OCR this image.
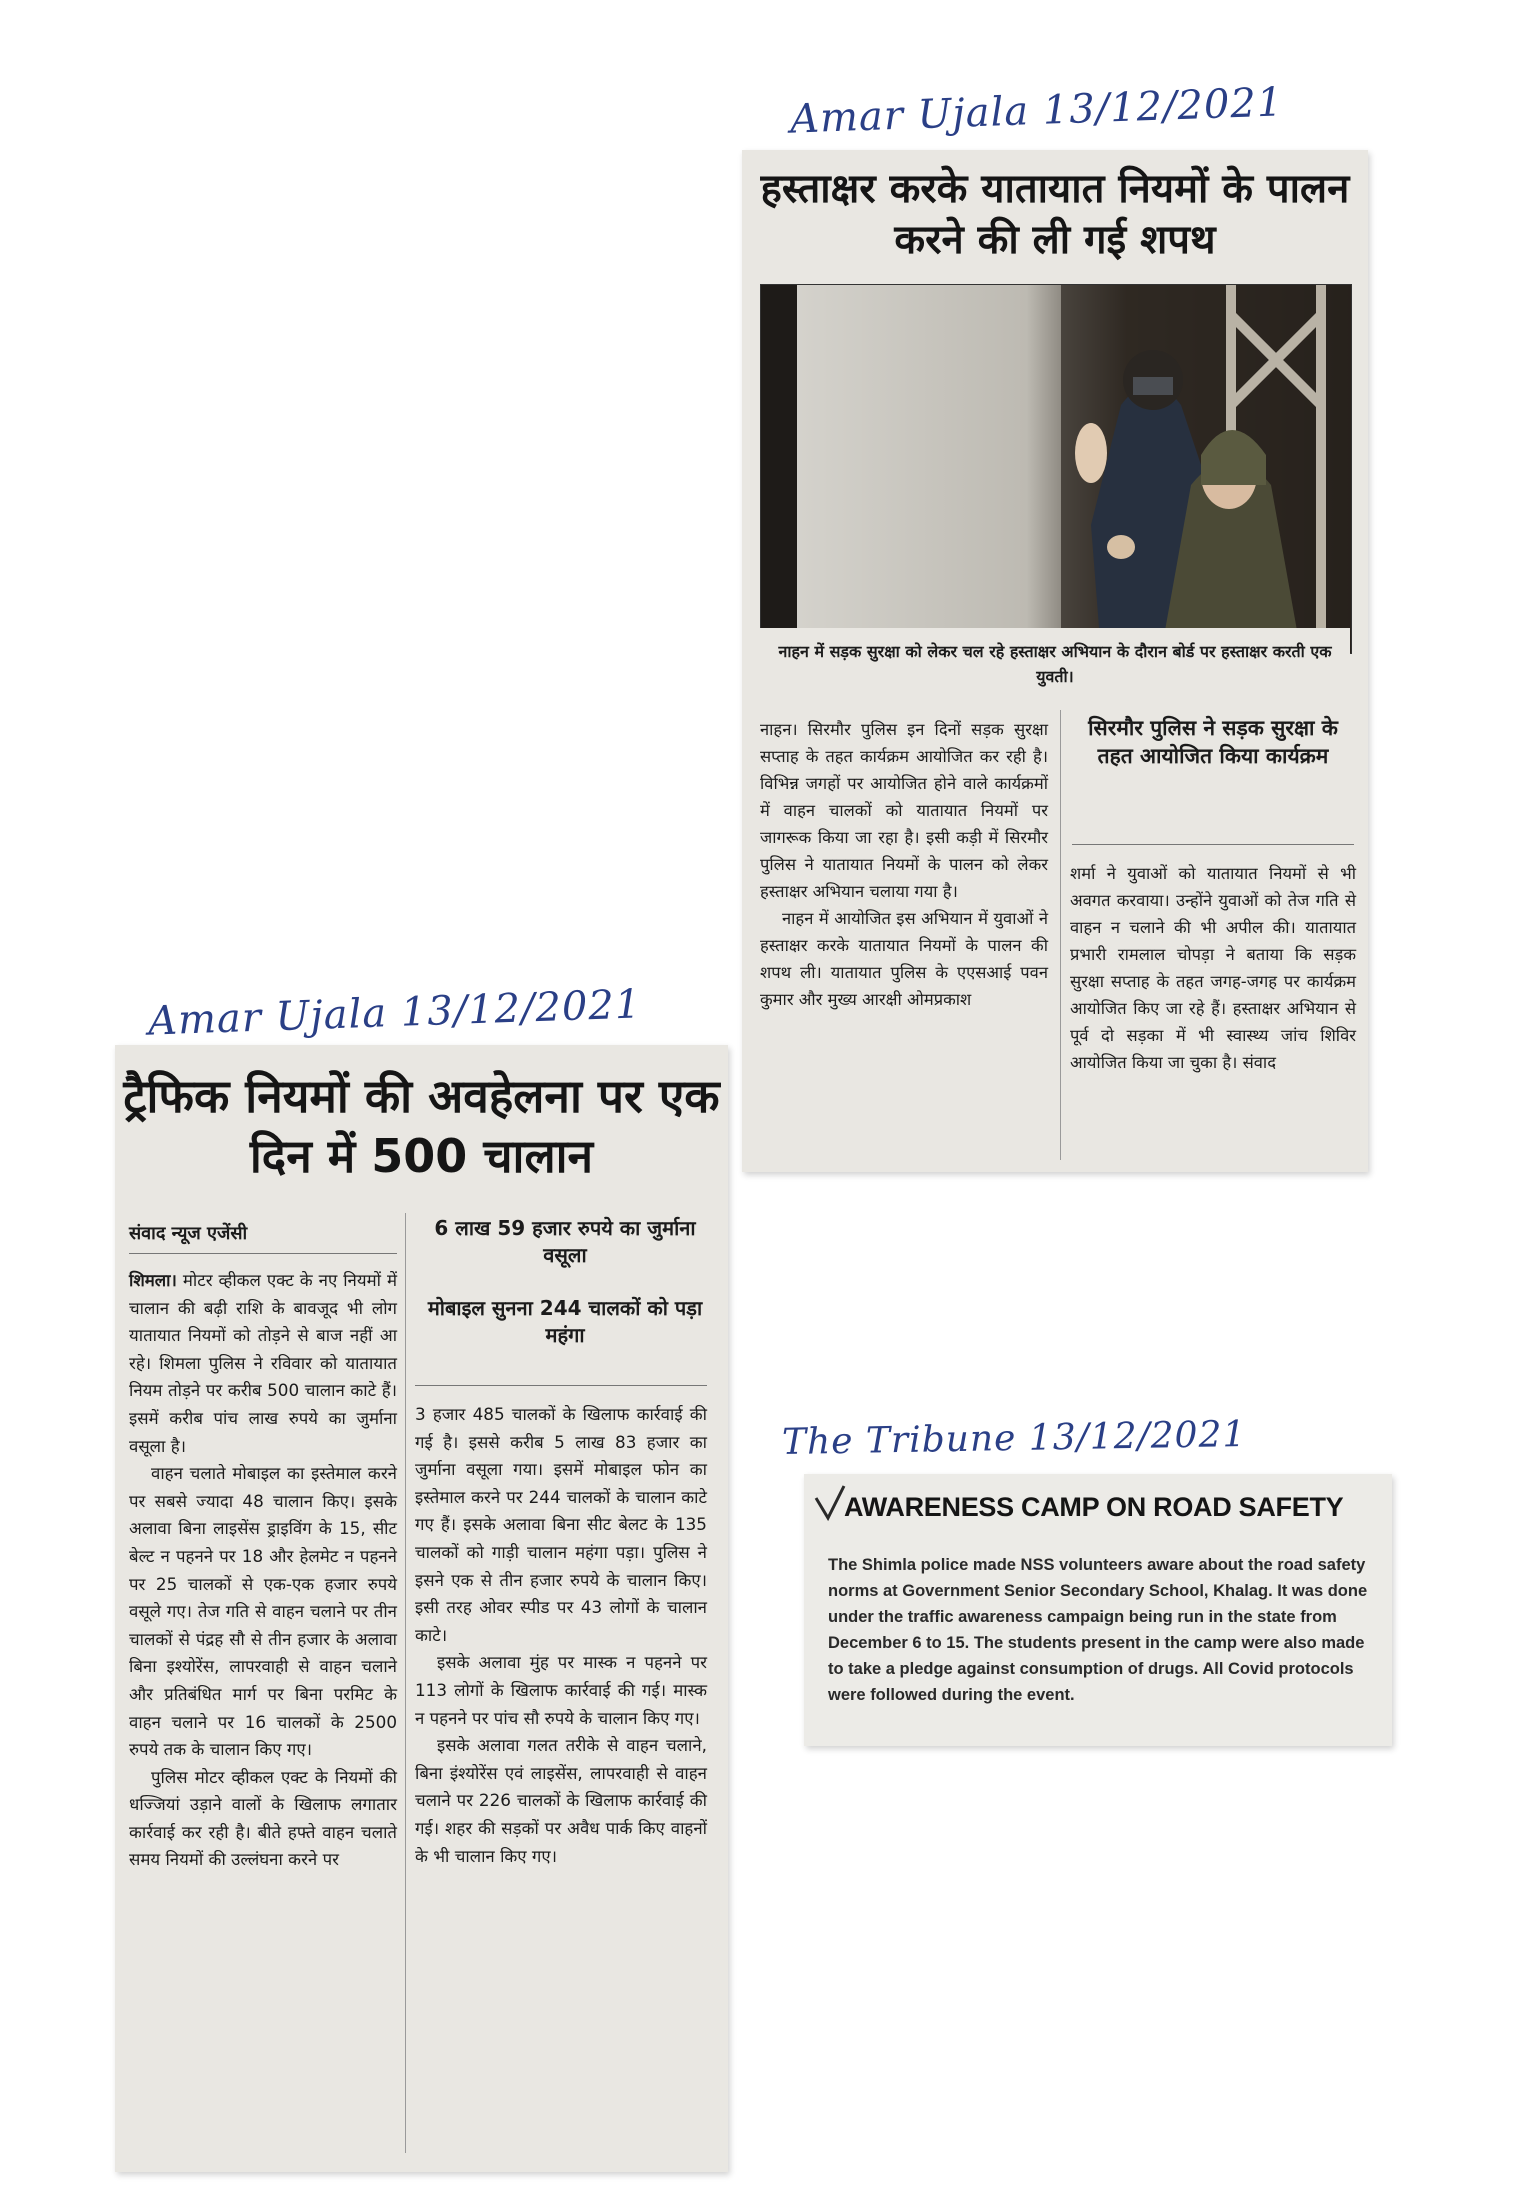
Amar Ujala 13/12/2021
Amar Ujala 13/12/2021
The Tribune 13/12/2021
हस्ताक्षर करके यातायात नियमों के पालन करने की ली गई शपथ
नाहन में सड़क सुरक्षा को लेकर चल रहे हस्ताक्षर अभियान के दौरान बोर्ड पर हस्ताक्षर करती एक युवती।

नाहन। सिरमौर पुलिस इन दिनों सड़क सुरक्षा सप्ताह के तहत कार्यक्रम आयोजित कर रही है। विभिन्न जगहों पर आयोजित होने वाले कार्यक्रमों में वाहन चालकों को यातायात नियमों पर जागरूक किया जा रहा है। इसी कड़ी में सिरमौर पुलिस ने यातायात नियमों के पालन को लेकर हस्ताक्षर अभियान चलाया गया है।

नाहन में आयोजित इस अभियान में युवाओं ने हस्ताक्षर करके यातायात नियमों के पालन की शपथ ली। यातायात पुलिस के एएसआई पवन कुमार और मुख्य आरक्षी ओमप्रकाश

सिरमौर पुलिस ने सड़क सुरक्षा के तहत आयोजित किया कार्यक्रम

शर्मा ने युवाओं को यातायात नियमों से भी अवगत करवाया। उन्होंने युवाओं को तेज गति से वाहन न चलाने की भी अपील की। यातायात प्रभारी रामलाल चोपड़ा ने बताया कि सड़क सुरक्षा सप्ताह के तहत जगह-जगह पर कार्यक्रम आयोजित किए जा रहे हैं। हस्ताक्षर अभियान से पूर्व दो सड़का में भी स्वास्थ्य जांच शिविर आयोजित किया जा चुका है। संवाद

ट्रैफिक नियमों की अवहेलना पर एक दिन में 500 चालान
संवाद न्यूज एजेंसी	6 लाख 59 हजार रुपये का जुर्माना वसूला
मोबाइल सुनना 244 चालकों को पड़ा महंगा

शिमला। मोटर व्हीकल एक्ट के नए नियमों में चालान की बढ़ी राशि के बावजूद भी लोग यातायात नियमों को तोड़ने से बाज नहीं आ रहे। शिमला पुलिस ने रविवार को यातायात नियम तोड़ने पर करीब 500 चालान काटे हैं। इसमें करीब पांच लाख रुपये का जुर्माना वसूला है।

वाहन चलाते मोबाइल का इस्तेमाल करने पर सबसे ज्यादा 48 चालान किए। इसके अलावा बिना लाइसेंस ड्राइविंग के 15, सीट बेल्ट न पहनने पर 18 और हेलमेट न पहनने पर 25 चालकों से एक-एक हजार रुपये वसूले गए। तेज गति से वाहन चलाने पर तीन चालकों से पंद्रह सौ से तीन हजार के अलावा बिना इश्योरेंस, लापरवाही से वाहन चलाने और प्रतिबंधित मार्ग पर बिना परमिट के वाहन चलाने पर 16 चालकों के 2500 रुपये तक के चालान किए गए।

पुलिस मोटर व्हीकल एक्ट के नियमों की धज्जियां उड़ाने वालों के खिलाफ लगातार कार्रवाई कर रही है। बीते हफ्ते वाहन चलाते समय नियमों की उल्लंघना करने पर

3 हजार 485 चालकों के खिलाफ कार्रवाई की गई है। इससे करीब 5 लाख 83 हजार का जुर्माना वसूला गया। इसमें मोबाइल फोन का इस्तेमाल करने पर 244 चालकों के चालान काटे गए हैं। इसके अलावा बिना सीट बेलट के 135 चालकों को गाड़ी चालान महंगा पड़ा। पुलिस ने इसने एक से तीन हजार रुपये के चालान किए। इसी तरह ओवर स्पीड पर 43 लोगों के चालान काटे।

इसके अलावा मुंह पर मास्क न पहनने पर 113 लोगों के खिलाफ कार्रवाई की गई। मास्क न पहनने पर पांच सौ रुपये के चालान किए गए।

इसके अलावा गलत तरीके से वाहन चलाने, बिना इंश्योरेंस एवं लाइसेंस, लापरवाही से वाहन चलाने पर 226 चालकों के खिलाफ कार्रवाई की गई। शहर की सड़कों पर अवैध पार्क किए वाहनों के भी चालान किए गए।

AWARENESS CAMP ON ROAD SAFETY
The Shimla police made NSS volunteers aware about the road safety norms at Government Senior Secondary School, Khalag. It was done under the traffic awareness campaign being run in the state from December 6 to 15. The students present in the camp were also made to take a pledge against consumption of drugs. All Covid protocols were followed during the event.
